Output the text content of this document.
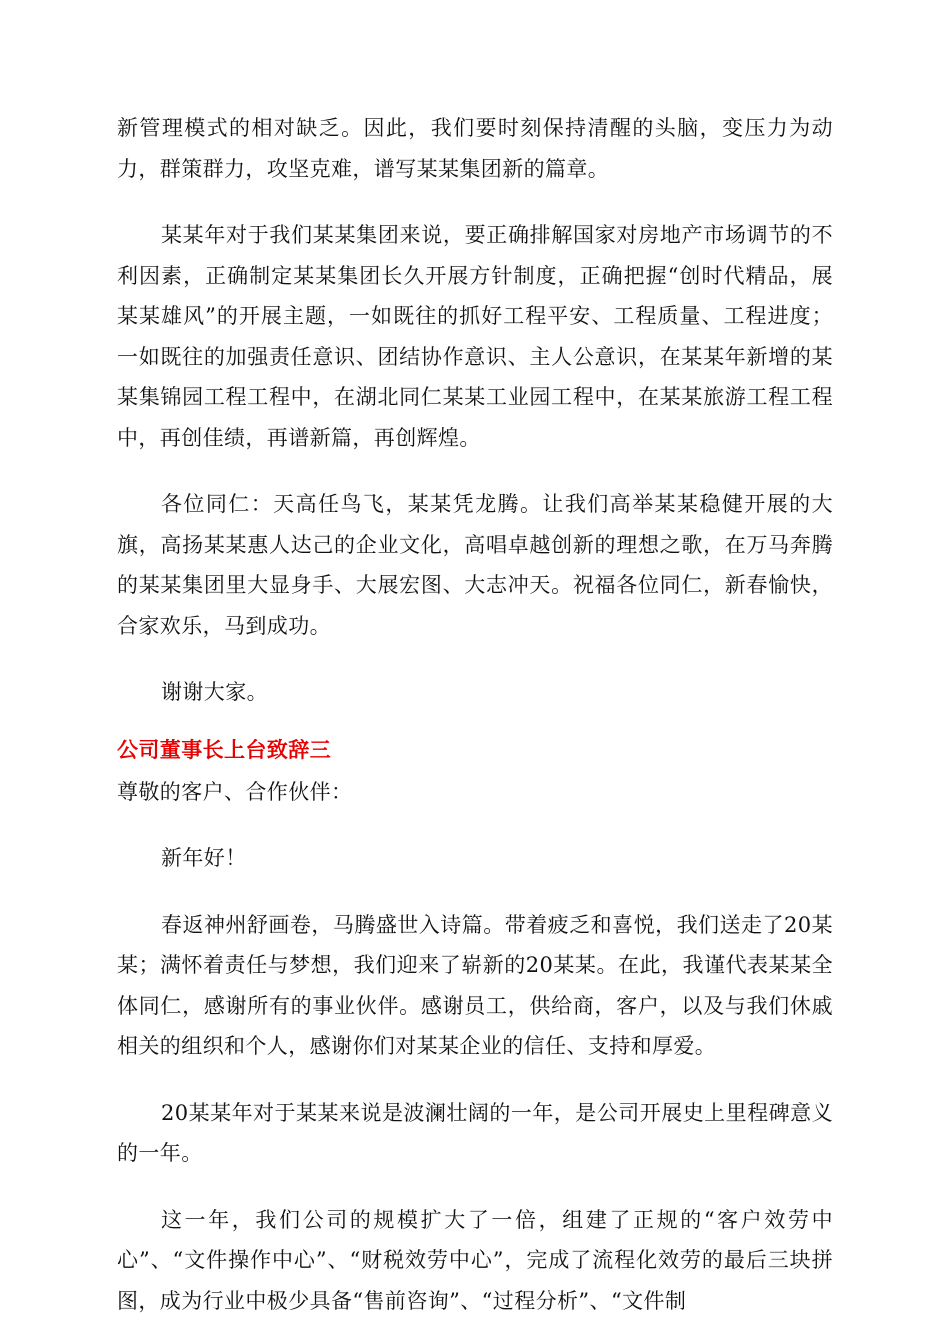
新管理模式的相对缺乏。因此，我们要时刻保持清醒的头脑，变压力为动力，群策群力，攻坚克难，谱写某某集团新的篇章。

某某年对于我们某某集团来说，要正确排解国家对房地产市场调节的不利因素，正确制定某某集团长久开展方针制度，正确把握“创时代精品，展某某雄风”的开展主题，一如既往的抓好工程平安、工程质量、工程进度；一如既往的加强责任意识、团结协作意识、主人公意识，在某某年新增的某某集锦园工程工程中，在湖北同仁某某工业园工程中，在某某旅游工程工程中，再创佳绩，再谱新篇，再创辉煌。

各位同仁：天高任鸟飞，某某凭龙腾。让我们高举某某稳健开展的大旗，高扬某某惠人达己的企业文化，高唱卓越创新的理想之歌，在万马奔腾的某某集团里大显身手、大展宏图、大志冲天。祝福各位同仁，新春愉快，合家欢乐，马到成功。

谢谢大家。

公司董事长上台致辞三

尊敬的客户、合作伙伴：

新年好！

春返神州舒画卷，马腾盛世入诗篇。带着疲乏和喜悦，我们送走了20某某；满怀着责任与梦想，我们迎来了崭新的20某某。在此，我谨代表某某全体同仁，感谢所有的事业伙伴。感谢员工，供给商，客户，以及与我们休戚相关的组织和个人，感谢你们对某某企业的信任、支持和厚爱。

20某某年对于某某来说是波澜壮阔的一年，是公司开展史上里程碑意义的一年。

这一年，我们公司的规模扩大了一倍，组建了正规的“客户效劳中心”、“文件操作中心”、“财税效劳中心”，完成了流程化效劳的最后三块拼图，成为行业中极少具备“售前咨询”、“过程分析”、“文件制
